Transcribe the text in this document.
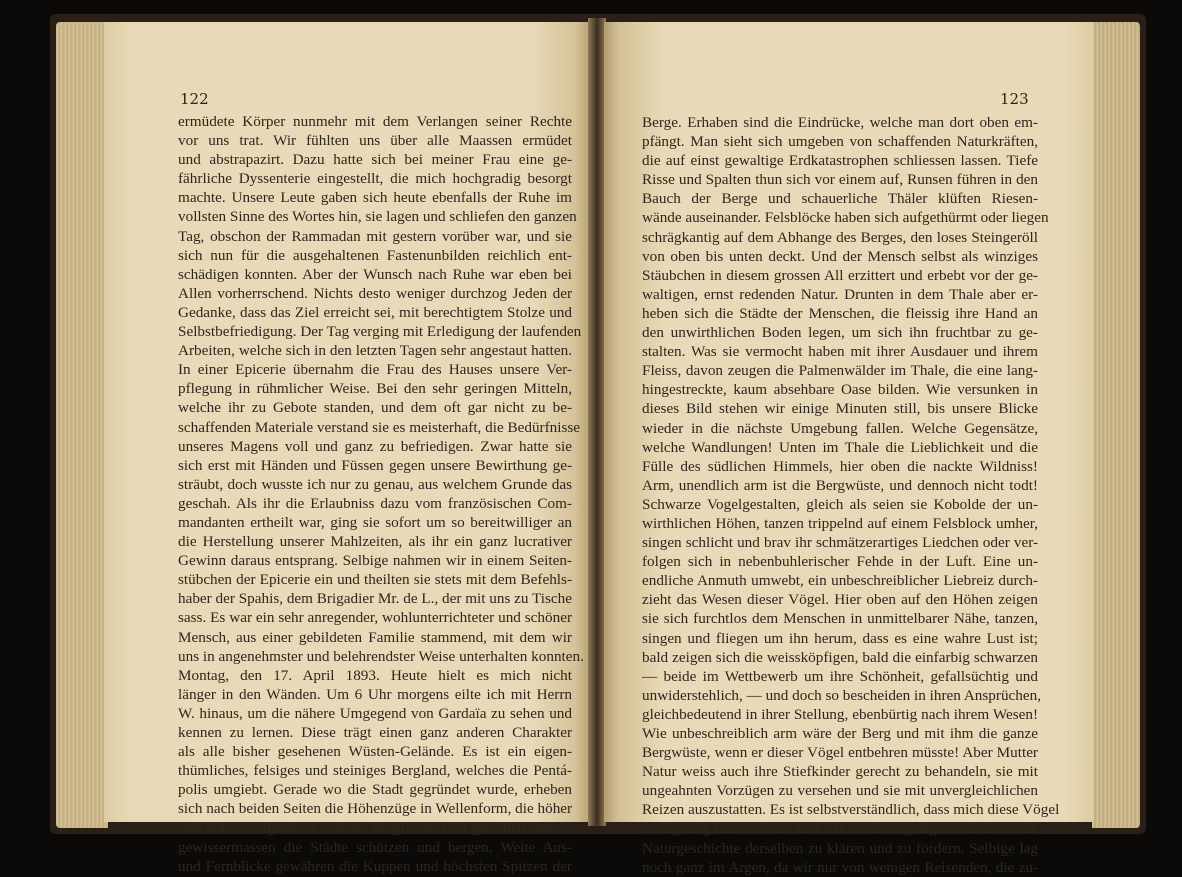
122
ermüdete Körper nunmehr mit dem Verlangen seiner Rechte
vor uns trat. Wir fühlten uns über alle Maassen ermüdet
und abstrapazirt. Dazu hatte sich bei meiner Frau eine ge-
fährliche Dyssenterie eingestellt, die mich hochgradig besorgt
machte. Unsere Leute gaben sich heute ebenfalls der Ruhe im
vollsten Sinne des Wortes hin, sie lagen und schliefen den ganzen
Tag, obschon der Rammadan mit gestern vorüber war, und sie
sich nun für die ausgehaltenen Fastenunbilden reichlich ent-
schädigen konnten. Aber der Wunsch nach Ruhe war eben bei
Allen vorherrschend. Nichts desto weniger durchzog Jeden der
Gedanke, dass das Ziel erreicht sei, mit berechtigtem Stolze und
Selbstbefriedigung. Der Tag verging mit Erledigung der laufenden
Arbeiten, welche sich in den letzten Tagen sehr angestaut hatten.
In einer Epicerie übernahm die Frau des Hauses unsere Ver-
pflegung in rühmlicher Weise. Bei den sehr geringen Mitteln,
welche ihr zu Gebote standen, und dem oft gar nicht zu be-
schaffenden Materiale verstand sie es meisterhaft, die Bedürfnisse
unseres Magens voll und ganz zu befriedigen. Zwar hatte sie
sich erst mit Händen und Füssen gegen unsere Bewirthung ge-
sträubt, doch wusste ich nur zu genau, aus welchem Grunde das
geschah. Als ihr die Erlaubniss dazu vom französischen Com-
mandanten ertheilt war, ging sie sofort um so bereitwilliger an
die Herstellung unserer Mahlzeiten, als ihr ein ganz lucrativer
Gewinn daraus entsprang. Selbige nahmen wir in einem Seiten-
stübchen der Epicerie ein und theilten sie stets mit dem Befehls-
haber der Spahis, dem Brigadier Mr. de L., der mit uns zu Tische
sass. Es war ein sehr anregender, wohlunterrichteter und schöner
Mensch, aus einer gebildeten Familie stammend, mit dem wir
uns in angenehmster und belehrendster Weise unterhalten konnten.
Montag, den 17. April 1893. Heute hielt es mich nicht
länger in den Wänden. Um 6 Uhr morgens eilte ich mit Herrn
W. hinaus, um die nähere Umgegend von Gardaïa zu sehen und
kennen zu lernen. Diese trägt einen ganz anderen Charakter
als alle bisher gesehenen Wüsten-Gelände. Es ist ein eigen-
thümliches, felsiges und steiniges Bergland, welches die Pentá-
polis umgiebt. Gerade wo die Stadt gegründet wurde, erheben
sich nach beiden Seiten die Höhenzüge in Wellenform, die höher
und höher steigend zu wahren Bergriesen sich gestalten und so
gewissermassen die Städte schützen und bergen. Weite Aus-
und Fernblicke gewähren die Kuppen und höchsten Spitzen der
123
Berge. Erhaben sind die Eindrücke, welche man dort oben em-
pfängt. Man sieht sich umgeben von schaffenden Naturkräften,
die auf einst gewaltige Erdkatastrophen schliessen lassen. Tiefe
Risse und Spalten thun sich vor einem auf, Runsen führen in den
Bauch der Berge und schauerliche Thäler klüften Riesen-
wände auseinander. Felsblöcke haben sich aufgethürmt oder liegen
schrägkantig auf dem Abhange des Berges, den loses Steingeröll
von oben bis unten deckt. Und der Mensch selbst als winziges
Stäubchen in diesem grossen All erzittert und erbebt vor der ge-
waltigen, ernst redenden Natur. Drunten in dem Thale aber er-
heben sich die Städte der Menschen, die fleissig ihre Hand an
den unwirthlichen Boden legen, um sich ihn fruchtbar zu ge-
stalten. Was sie vermocht haben mit ihrer Ausdauer und ihrem
Fleiss, davon zeugen die Palmenwälder im Thale, die eine lang-
hingestreckte, kaum absehbare Oase bilden. Wie versunken in
dieses Bild stehen wir einige Minuten still, bis unsere Blicke
wieder in die nächste Umgebung fallen. Welche Gegensätze,
welche Wandlungen! Unten im Thale die Lieblichkeit und die
Fülle des südlichen Himmels, hier oben die nackte Wildniss!
Arm, unendlich arm ist die Bergwüste, und dennoch nicht todt!
Schwarze Vogelgestalten, gleich als seien sie Kobolde der un-
wirthlichen Höhen, tanzen trippelnd auf einem Felsblock umher,
singen schlicht und brav ihr schmätzerartiges Liedchen oder ver-
folgen sich in nebenbuhlerischer Fehde in der Luft. Eine un-
endliche Anmuth umwebt, ein unbeschreiblicher Liebreiz durch-
zieht das Wesen dieser Vögel. Hier oben auf den Höhen zeigen
sie sich furchtlos dem Menschen in unmittelbarer Nähe, tanzen,
singen und fliegen um ihn herum, dass es eine wahre Lust ist;
bald zeigen sich die weissköpfigen, bald die einfarbig schwarzen
— beide im Wettbewerb um ihre Schönheit, gefallsüchtig und
unwiderstehlich, — und doch so bescheiden in ihren Ansprüchen,
gleichbedeutend in ihrer Stellung, ebenbürtig nach ihrem Wesen!
Wie unbeschreiblich arm wäre der Berg und mit ihm die ganze
Bergwüste, wenn er dieser Vögel entbehren müsste! Aber Mutter
Natur weiss auch ihre Stiefkinder gerecht zu behandeln, sie mit
ungeahnten Vorzügen zu versehen und sie mit unvergleichlichen
Reizen auszustatten. Es ist selbstverständlich, dass mich diese Vögel
hochgradig interessirten, und ich es mir angelegen sein liess, die
Naturgeschichte derselben zu klären und zu fördern. Selbige lag
noch ganz im Argen, da wir nur von wenigen Reisenden, die zu-
